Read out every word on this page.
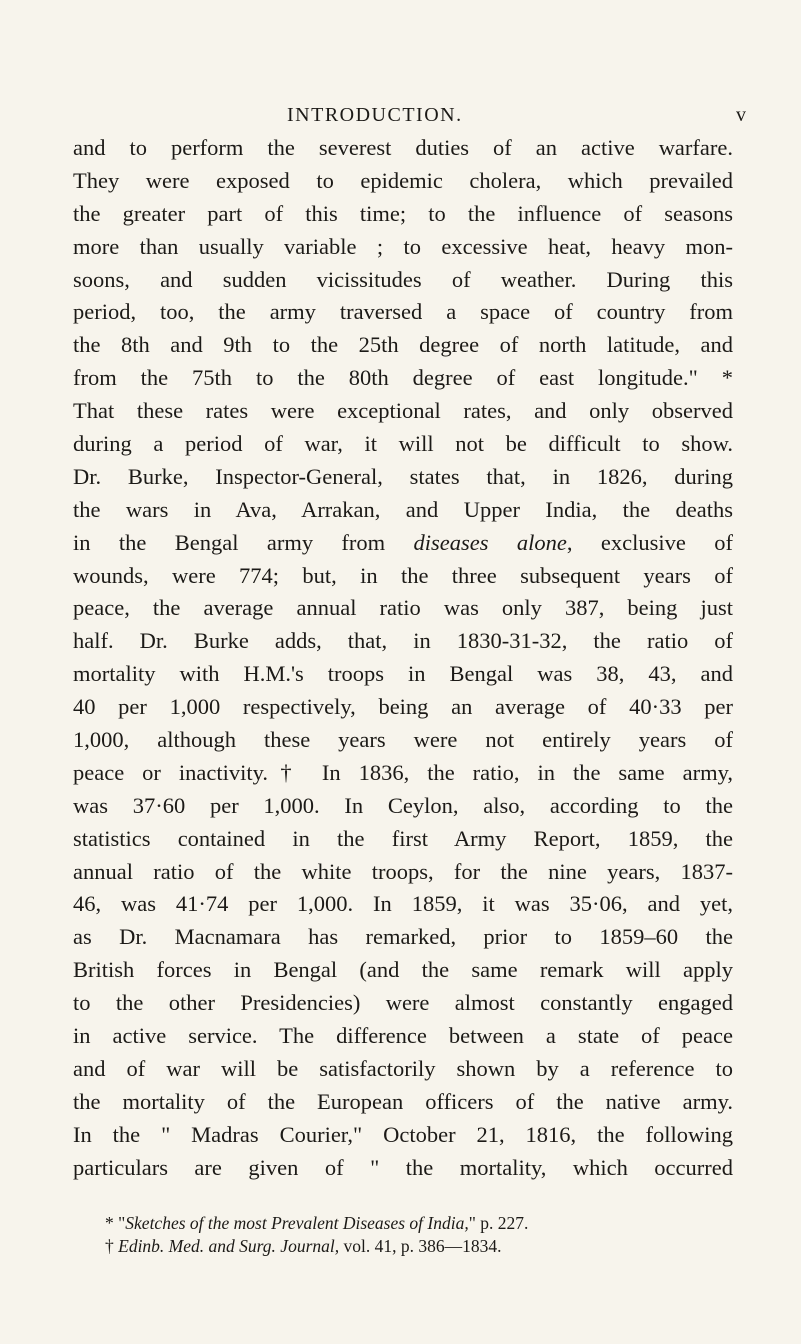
INTRODUCTION.	v
and to perform the severest duties of an active warfare.
They were exposed to epidemic cholera, which prevailed
the greater part of this time; to the influence of seasons
more than usually variable ; to excessive heat, heavy mon-
soons, and sudden vicissitudes of weather. During this
period, too, the army traversed a space of country from
the 8th and 9th to the 25th degree of north latitude, and
from the 75th to the 80th degree of east longitude." *
That these rates were exceptional rates, and only observed
during a period of war, it will not be difficult to show.
Dr. Burke, Inspector-General, states that, in 1826, during
the wars in Ava, Arrakan, and Upper India, the deaths
in the Bengal army from diseases alone, exclusive of
wounds, were 774; but, in the three subsequent years of
peace, the average annual ratio was only 387, being just
half. Dr. Burke adds, that, in 1830-31-32, the ratio of
mortality with H.M.'s troops in Bengal was 38, 43, and
40 per 1,000 respectively, being an average of 40·33 per
1,000, although these years were not entirely years of
peace or inactivity.† In 1836, the ratio, in the same army,
was 37·60 per 1,000. In Ceylon, also, according to the
statistics contained in the first Army Report, 1859, the
annual ratio of the white troops, for the nine years, 1837-
46, was 41·74 per 1,000. In 1859, it was 35·06, and yet,
as Dr. Macnamara has remarked, prior to 1859–60 the
British forces in Bengal (and the same remark will apply
to the other Presidencies) were almost constantly engaged
in active service. The difference between a state of peace
and of war will be satisfactorily shown by a reference to
the mortality of the European officers of the native army.
In the " Madras Courier," October 21, 1816, the following
particulars are given of " the mortality, which occurred
* "Sketches of the most Prevalent Diseases of India," p. 227.
† Edinb. Med. and Surg. Journal, vol. 41, p. 386—1834.
